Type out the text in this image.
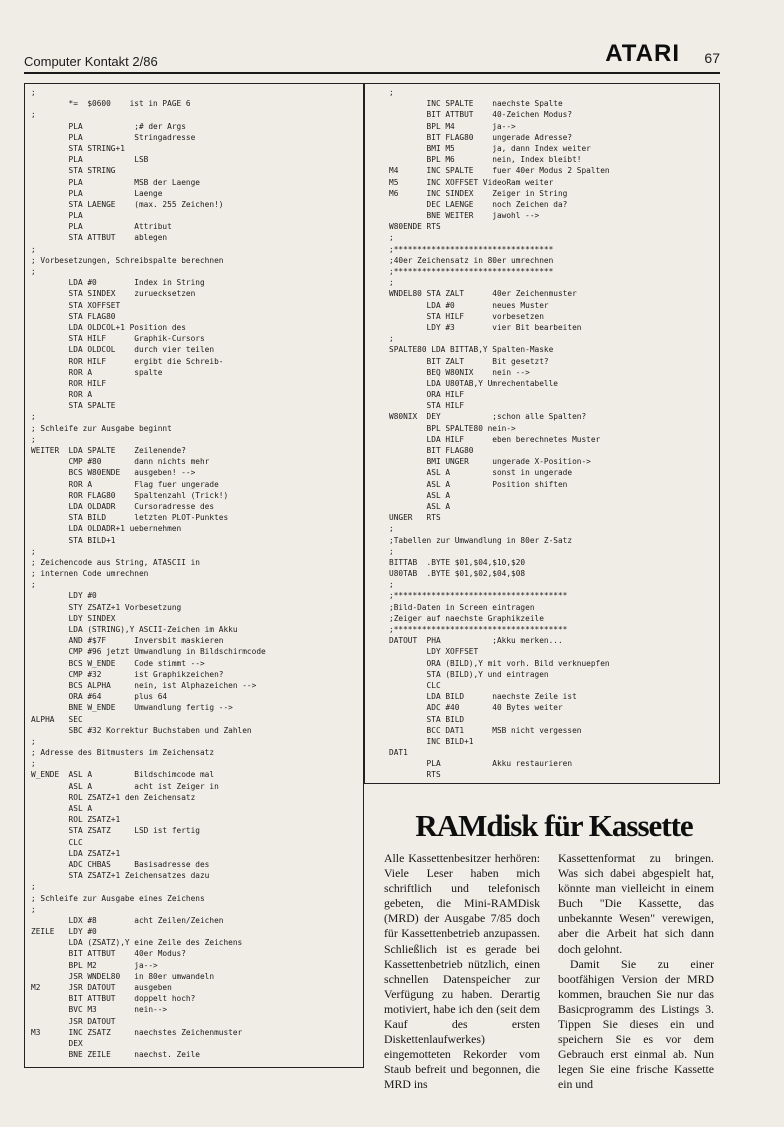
Computer Kontakt 2/86	ATARI 67
;
*=  $0600    ist in PAGE 6
;
PLA           ;# der Args
PLA           Stringadresse
STA STRING+1
PLA           LSB
STA STRING
PLA           MSB der Laenge
PLA           Laenge
STA LAENGE    (max. 255 Zeichen!)
PLA
PLA           Attribut
STA ATTBUT    ablegen
;
; Vorbesetzungen, Schreibspalte berechnen
;
LDA #0        Index in String
STA SINDEX    zuruecksetzen
STA XOFFSET
STA FLAG80
LDA OLDCOL+1 Position des
STA HILF      Graphik-Cursors
LDA OLDCOL    durch vier teilen
ROR HILF      ergibt die Schreib-
ROR A         spalte
ROR HILF
ROR A
STA SPALTE
;
; Schleife zur Ausgabe beginnt
;
WEITER  LDA SPALTE    Zeilenende?
CMP #80       dann nichts mehr
BCS W80ENDE   ausgeben! -->
ROR A         Flag fuer ungerade
ROR FLAG80    Spaltenzahl (Trick!)
LDA OLDADR    Cursoradresse des
STA BILD      letzten PLOT-Punktes
LDA OLDADR+1 uebernehmen
STA BILD+1
;
; Zeichencode aus String, ATASCII in
; internen Code umrechnen
;
LDY #0
STY ZSATZ+1 Vorbesetzung
LDY SINDEX
LDA (STRING),Y ASCII-Zeichen im Akku
AND #$7F      Inversbit maskieren
CMP #96 jetzt Umwandlung in Bildschirmcode
BCS W_ENDE    Code stimmt -->
CMP #32       ist Graphikzeichen?
BCS ALPHA     nein, ist Alphazeichen -->
ORA #64       plus 64
BNE W_ENDE    Umwandlung fertig -->
ALPHA   SEC
SBC #32 Korrektur Buchstaben und Zahlen
;
; Adresse des Bitmusters im Zeichensatz
;
W_ENDE  ASL A         Bildschimcode mal
ASL A         acht ist Zeiger in
ROL ZSATZ+1 den Zeichensatz
ASL A
ROL ZSATZ+1
STA ZSATZ     LSD ist fertig
CLC
LDA ZSATZ+1
ADC CHBAS     Basisadresse des
STA ZSATZ+1 Zeichensatzes dazu
;
; Schleife zur Ausgabe eines Zeichens
;
LDX #8        acht Zeilen/Zeichen
ZEILE   LDY #0
LDA (ZSATZ),Y eine Zeile des Zeichens
BIT ATTBUT    40er Modus?
BPL M2        ja-->
JSR WNDEL80   in 80er umwandeln
M2      JSR DATOUT    ausgeben
BIT ATTBUT    doppelt hoch?
BVC M3        nein-->
JSR DATOUT
M3      INC ZSATZ     naechstes Zeichenmuster
DEX
BNE ZEILE     naechst. Zeile
;
INC SPALTE    naechste Spalte
BIT ATTBUT    40-Zeichen Modus?
BPL M4        ja-->
BIT FLAG80    ungerade Adresse?
BMI M5        ja, dann Index weiter
BPL M6        nein, Index bleibt!
M4      INC SPALTE    fuer 40er Modus 2 Spalten
M5      INC XOFFSET VideoRam weiter
M6      INC SINDEX    Zeiger in String
DEC LAENGE    noch Zeichen da?
BNE WEITER    jawohl -->
W80ENDE RTS
;
;**********************************
;40er Zeichensatz in 80er umrechnen
;**********************************
;
WNDEL80 STA ZALT      40er Zeichenmuster
LDA #0        neues Muster
STA HILF      vorbesetzen
LDY #3        vier Bit bearbeiten
;
SPALTE80 LDA BITTAB,Y Spalten-Maske
BIT ZALT      Bit gesetzt?
BEQ W80NIX    nein -->
LDA U80TAB,Y Umrechentabelle
ORA HILF
STA HILF
W80NIX  DEY           ;schon alle Spalten?
BPL SPALTE80 nein->
LDA HILF      eben berechnetes Muster
BIT FLAG80
BMI UNGER     ungerade X-Position->
ASL A         sonst in ungerade
ASL A         Position shiften
ASL A
ASL A
UNGER   RTS
;
;Tabellen zur Umwandlung in 80er Z-Satz
;
BITTAB  .BYTE $01,$04,$10,$20
U80TAB  .BYTE $01,$02,$04,$08
;
;*************************************
;Bild-Daten in Screen eintragen
;Zeiger auf naechste Graphikzeile
;*************************************
DATOUT  PHA           ;Akku merken...
LDY XOFFSET
ORA (BILD),Y mit vorh. Bild verknuepfen
STA (BILD),Y und eintragen
CLC
LDA BILD      naechste Zeile ist
ADC #40       40 Bytes weiter
STA BILD
BCC DAT1      MSB nicht vergessen
INC BILD+1
DAT1
PLA           Akku restaurieren
RTS
RAMdisk für Kassette

Alle Kassettenbesitzer herhören: Viele Leser haben mich schriftlich und telefonisch gebeten, die Mini-RAMDisk (MRD) der Ausgabe 7/85 doch für Kassettenbetrieb anzupassen. Schließlich ist es gerade bei Kassettenbetrieb nützlich, einen schnellen Datenspeicher zur Verfügung zu haben. Derartig motiviert, habe ich den (seit dem Kauf des ersten Diskettenlaufwerkes) eingemotteten Rekorder vom Staub befreit und begonnen, die MRD ins

Kassettenformat zu bringen. Was sich dabei abgespielt hat, könnte man vielleicht in einem Buch "Die Kassette, das unbekannte Wesen" verewigen, aber die Arbeit hat sich dann doch gelohnt.

Damit Sie zu einer bootfähigen Version der MRD kommen, brauchen Sie nur das Basicprogramm des Listings 3. Tippen Sie dieses ein und speichern Sie es vor dem Gebrauch erst einmal ab. Nun legen Sie eine frische Kassette ein und
